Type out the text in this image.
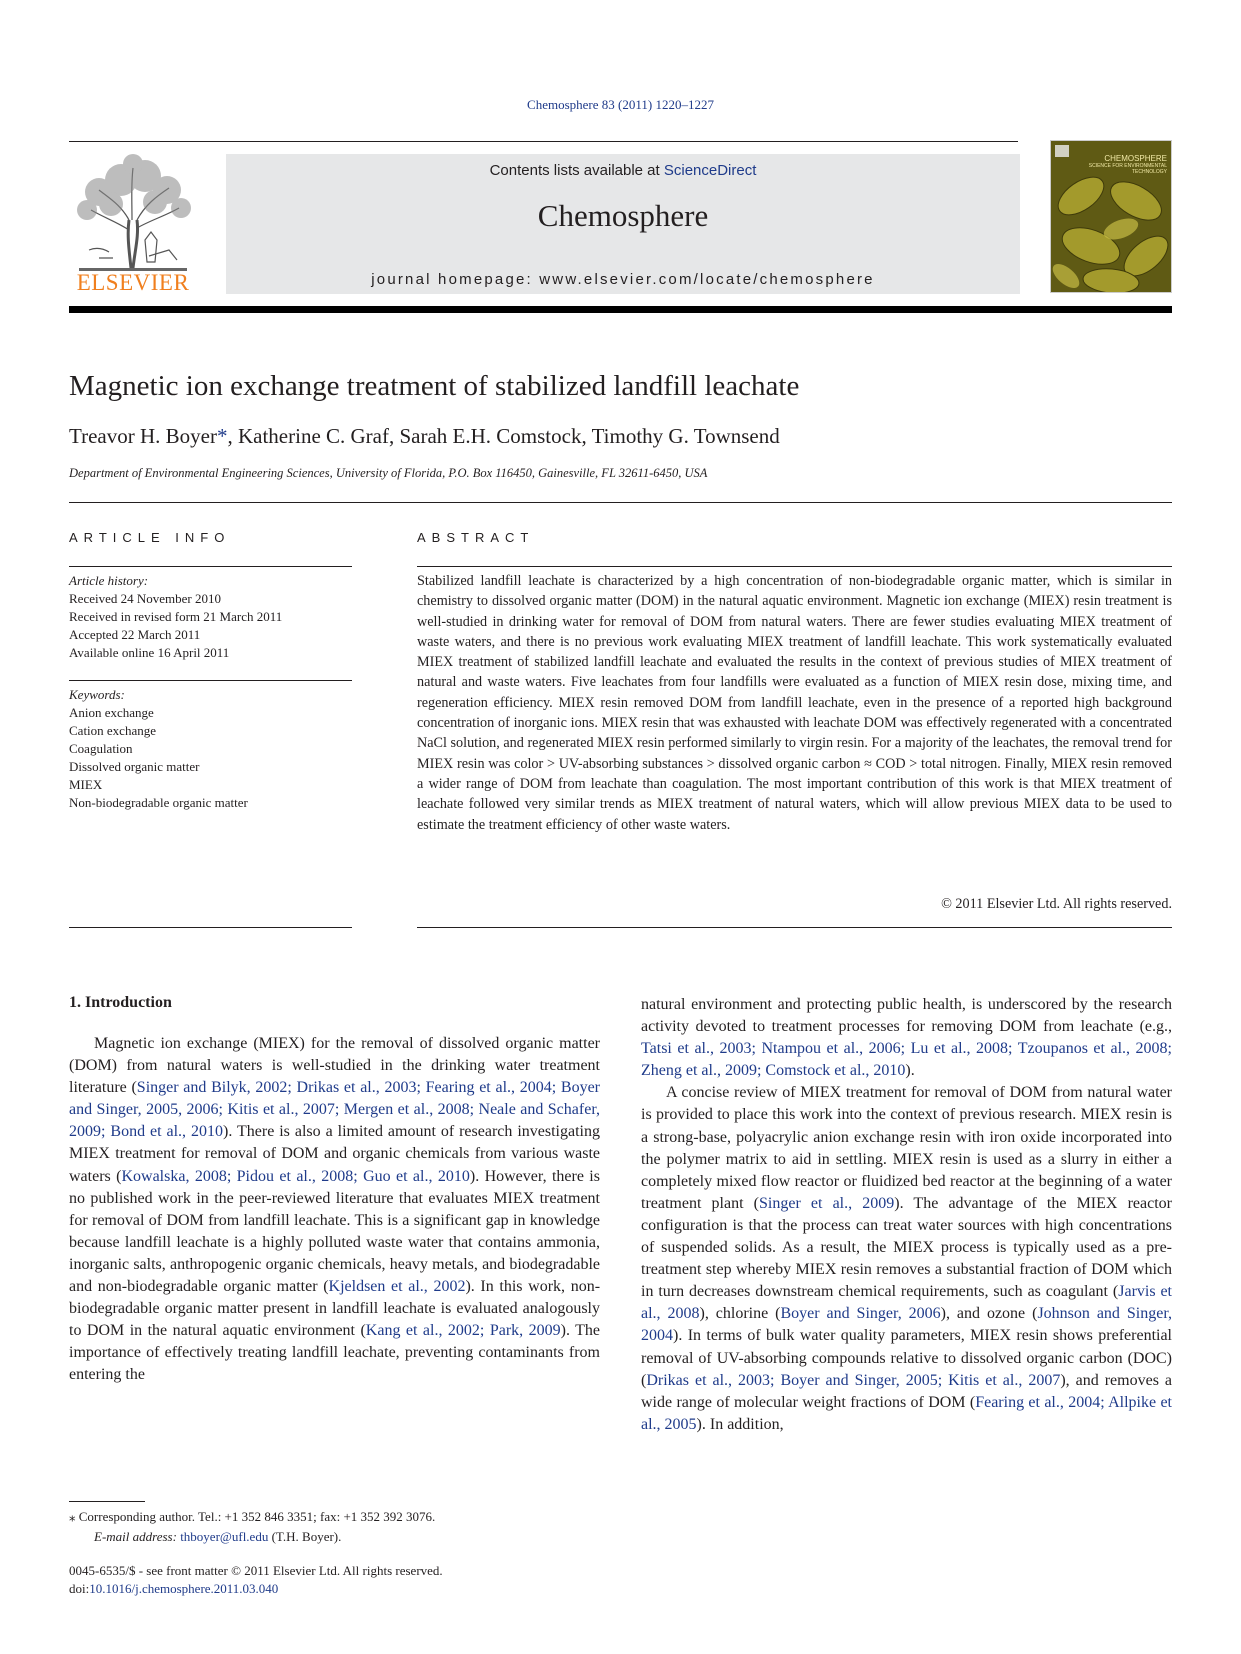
Chemosphere 83 (2011) 1220–1227
ELSEVIER
Contents lists available at ScienceDirect
Chemosphere
journal homepage: www.elsevier.com/locate/chemosphere
CHEMOSPHERE
SCIENCE FOR ENVIRONMENTAL
TECHNOLOGY
Magnetic ion exchange treatment of stabilized landfill leachate
Treavor H. Boyer*, Katherine C. Graf, Sarah E.H. Comstock, Timothy G. Townsend
Department of Environmental Engineering Sciences, University of Florida, P.O. Box 116450, Gainesville, FL 32611-6450, USA
ARTICLE INFO	ABSTRACT
Article history:
Received 24 November 2010
Received in revised form 21 March 2011
Accepted 22 March 2011
Available online 16 April 2011
Keywords:
Anion exchange
Cation exchange
Coagulation
Dissolved organic matter
MIEX
Non-biodegradable organic matter
Stabilized landfill leachate is characterized by a high concentration of non-biodegradable organic matter, which is similar in chemistry to dissolved organic matter (DOM) in the natural aquatic environment. Magnetic ion exchange (MIEX) resin treatment is well-studied in drinking water for removal of DOM from natural waters. There are fewer studies evaluating MIEX treatment of waste waters, and there is no previous work evaluating MIEX treatment of landfill leachate. This work systematically evaluated MIEX treatment of stabilized landfill leachate and evaluated the results in the context of previous studies of MIEX treatment of natural and waste waters. Five leachates from four landfills were evaluated as a function of MIEX resin dose, mixing time, and regeneration efficiency. MIEX resin removed DOM from landfill leachate, even in the presence of a reported high background concentration of inorganic ions. MIEX resin that was exhausted with leachate DOM was effectively regenerated with a concentrated NaCl solution, and regenerated MIEX resin performed similarly to virgin resin. For a majority of the leachates, the removal trend for MIEX resin was color > UV-absorbing substances > dissolved organic carbon ≈ COD > total nitrogen. Finally, MIEX resin removed a wider range of DOM from leachate than coagulation. The most important contribution of this work is that MIEX treatment of leachate followed very similar trends as MIEX treatment of natural waters, which will allow previous MIEX data to be used to estimate the treatment efficiency of other waste waters.
© 2011 Elsevier Ltd. All rights reserved.
1. Introduction

Magnetic ion exchange (MIEX) for the removal of dissolved organic matter (DOM) from natural waters is well-studied in the drinking water treatment literature (Singer and Bilyk, 2002; Drikas et al., 2003; Fearing et al., 2004; Boyer and Singer, 2005, 2006; Kitis et al., 2007; Mergen et al., 2008; Neale and Schafer, 2009; Bond et al., 2010). There is also a limited amount of research investigating MIEX treatment for removal of DOM and organic chemicals from various waste waters (Kowalska, 2008; Pidou et al., 2008; Guo et al., 2010). However, there is no published work in the peer-reviewed literature that evaluates MIEX treatment for removal of DOM from landfill leachate. This is a significant gap in knowledge because landfill leachate is a highly polluted waste water that contains ammonia, inorganic salts, anthropogenic organic chemicals, heavy metals, and biodegradable and non-biodegradable organic matter (Kjeldsen et al., 2002). In this work, non-biodegradable organic matter present in landfill leachate is evaluated analogously to DOM in the natural aquatic environment (Kang et al., 2002; Park, 2009). The importance of effectively treating landfill leachate, preventing contaminants from entering the

natural environment and protecting public health, is underscored by the research activity devoted to treatment processes for removing DOM from leachate (e.g., Tatsi et al., 2003; Ntampou et al., 2006; Lu et al., 2008; Tzoupanos et al., 2008; Zheng et al., 2009; Comstock et al., 2010).

A concise review of MIEX treatment for removal of DOM from natural water is provided to place this work into the context of previous research. MIEX resin is a strong-base, polyacrylic anion exchange resin with iron oxide incorporated into the polymer matrix to aid in settling. MIEX resin is used as a slurry in either a completely mixed flow reactor or fluidized bed reactor at the beginning of a water treatment plant (Singer et al., 2009). The advantage of the MIEX reactor configuration is that the process can treat water sources with high concentrations of suspended solids. As a result, the MIEX process is typically used as a pre-treatment step whereby MIEX resin removes a substantial fraction of DOM which in turn decreases downstream chemical requirements, such as coagulant (Jarvis et al., 2008), chlorine (Boyer and Singer, 2006), and ozone (Johnson and Singer, 2004). In terms of bulk water quality parameters, MIEX resin shows preferential removal of UV-absorbing compounds relative to dissolved organic carbon (DOC) (Drikas et al., 2003; Boyer and Singer, 2005; Kitis et al., 2007), and removes a wide range of molecular weight fractions of DOM (Fearing et al., 2004; Allpike et al., 2005). In addition,

⁎ Corresponding author. Tel.: +1 352 846 3351; fax: +1 352 392 3076.
E-mail address: thboyer@ufl.edu (T.H. Boyer).
0045-6535/$ - see front matter © 2011 Elsevier Ltd. All rights reserved.
doi:10.1016/j.chemosphere.2011.03.040
